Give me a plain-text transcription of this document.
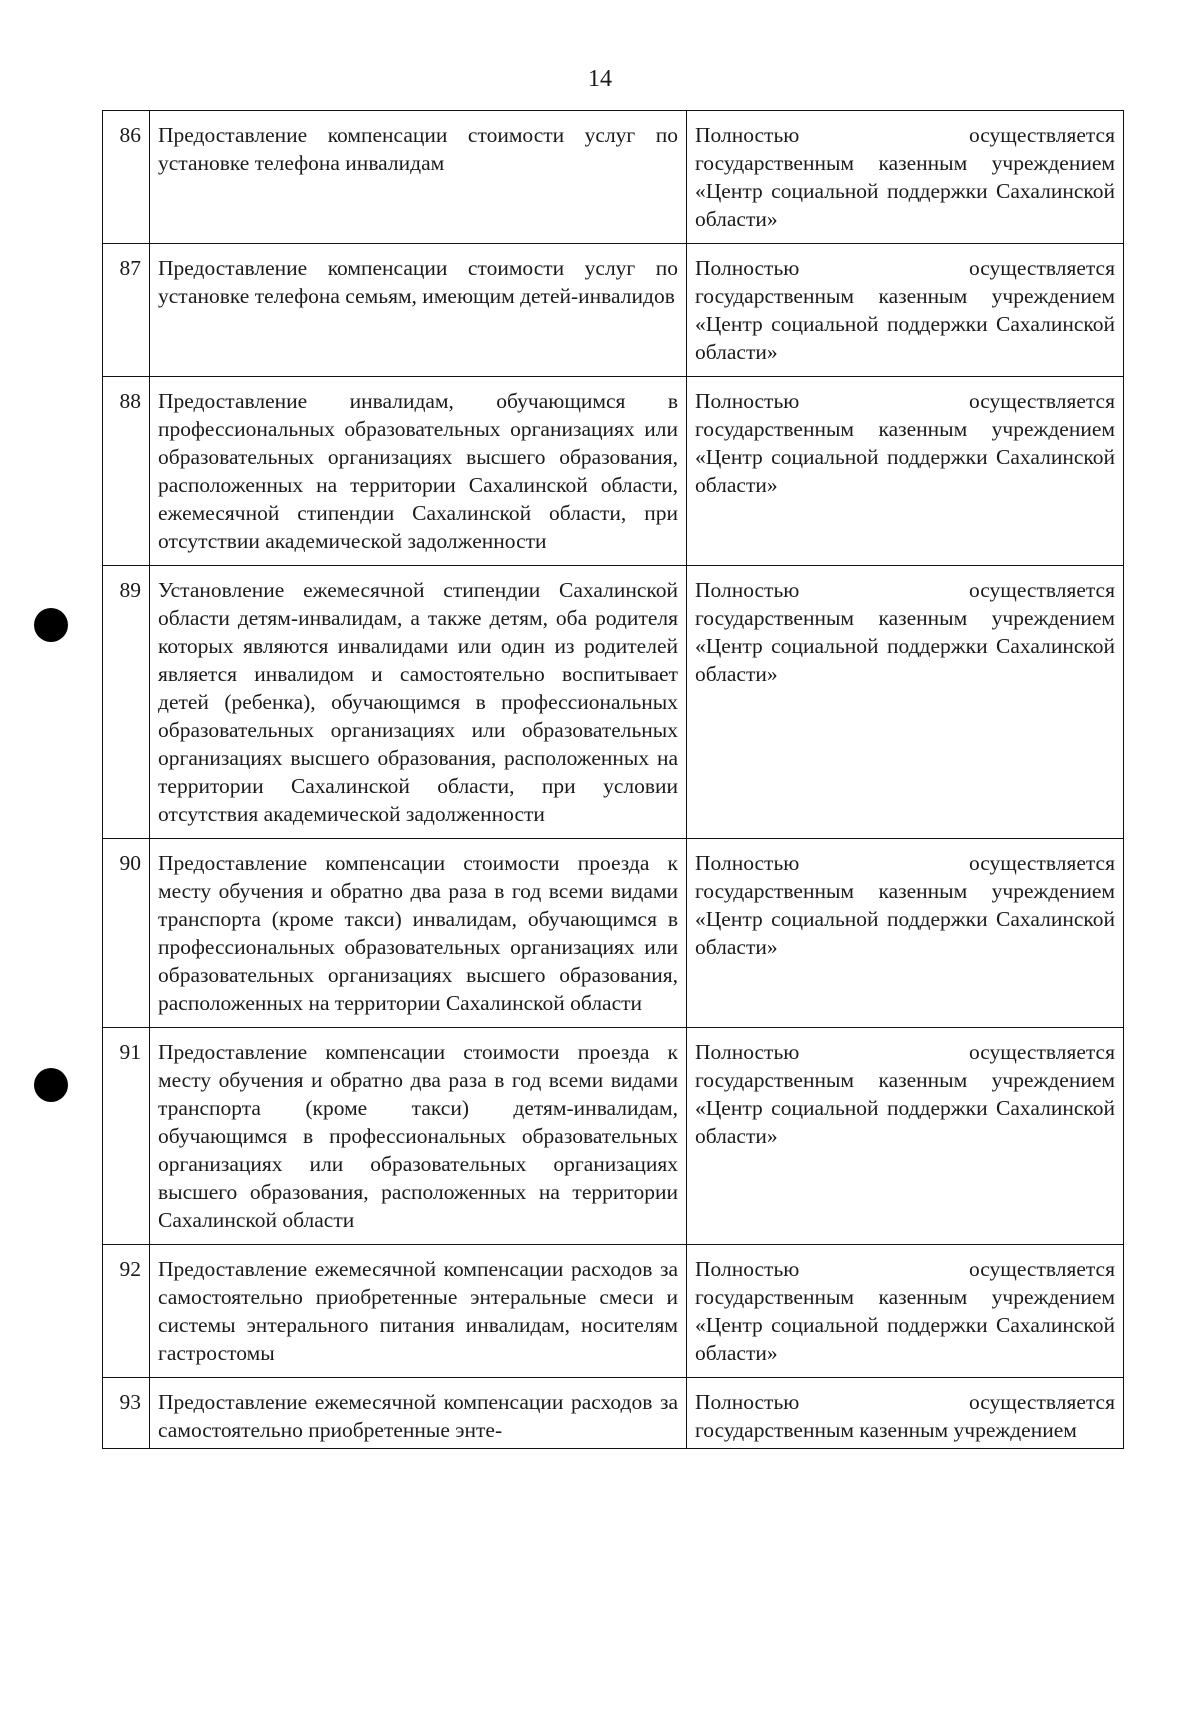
14
86	Предоставление компенсации стоимости услуг по установке телефона инвалидам	Полностью осуществляется государственным казенным учреждением «Центр социальной поддержки Сахалинской области»
87	Предоставление компенсации стоимости услуг по установке телефона семьям, имеющим детей-инвалидов	Полностью осуществляется государственным казенным учреждением «Центр социальной поддержки Сахалинской области»
88	Предоставление инвалидам, обучающимся в профессиональных образовательных организациях или образовательных организациях высшего образования, расположенных на территории Сахалинской области, ежемесячной стипендии Сахалинской области, при отсутствии академической задолженности	Полностью осуществляется государственным казенным учреждением «Центр социальной поддержки Сахалинской области»
89	Установление ежемесячной стипендии Сахалинской области детям-инвалидам, а также детям, оба родителя которых являются инвалидами или один из родителей является инвалидом и самостоятельно воспитывает детей (ребенка), обучающимся в профессиональных образовательных организациях или образовательных организациях высшего образования, расположенных на территории Сахалинской области, при условии отсутствия академической задолженности	Полностью осуществляется государственным казенным учреждением «Центр социальной поддержки Сахалинской области»
90	Предоставление компенсации стоимости проезда к месту обучения и обратно два раза в год всеми видами транспорта (кроме такси) инвалидам, обучающимся в профессиональных образовательных организациях или образовательных организациях высшего образования, расположенных на территории Сахалинской области	Полностью осуществляется государственным казенным учреждением «Центр социальной поддержки Сахалинской области»
91	Предоставление компенсации стоимости проезда к месту обучения и обратно два раза в год всеми видами транспорта (кроме такси) детям-инвалидам, обучающимся в профессиональных образовательных организациях или образовательных организациях высшего образования, расположенных на территории Сахалинской области	Полностью осуществляется государственным казенным учреждением «Центр социальной поддержки Сахалинской области»
92	Предоставление ежемесячной компенсации расходов за самостоятельно приобретенные энтеральные смеси и системы энтерального питания инвалидам, носителям гастростомы	Полностью осуществляется государственным казенным учреждением «Центр социальной поддержки Сахалинской области»
93	Предоставление ежемесячной компенсации расходов за самостоятельно приобретенные энте-	Полностью осуществляется государственным казенным учреждением
